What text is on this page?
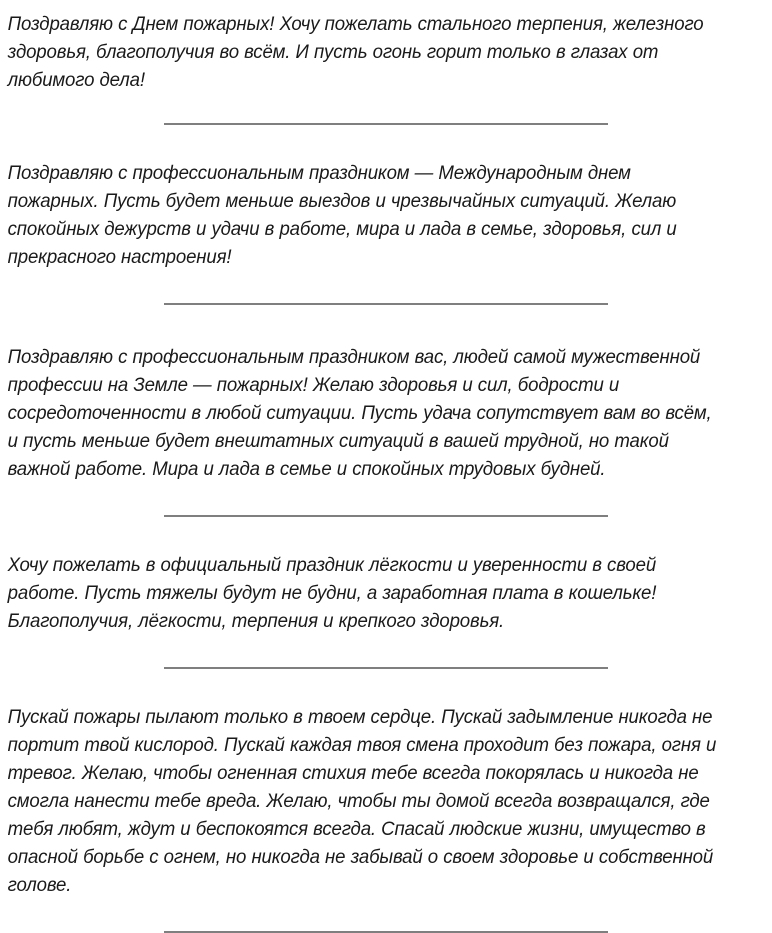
Поздравляю с Днем пожарных! Хочу пожелать стального терпения, железного здоровья, благополучия во всём. И пусть огонь горит только в глазах от любимого дела!

Поздравляю с профессиональным праздником — Международным днем пожарных. Пусть будет меньше выездов и чрезвычайных ситуаций. Желаю спокойных дежурств и удачи в работе, мира и лада в семье, здоровья, сил и прекрасного настроения!

Поздравляю с профессиональным праздником вас, людей самой мужественной профессии на Земле — пожарных! Желаю здоровья и сил, бодрости и сосредоточенности в любой ситуации. Пусть удача сопутствует вам во всём, и пусть меньше будет внештатных ситуаций в вашей трудной, но такой важной работе. Мира и лада в семье и спокойных трудовых будней.

Хочу пожелать в официальный праздник лёгкости и уверенности в своей работе. Пусть тяжелы будут не будни, а заработная плата в кошельке! Благополучия, лёгкости, терпения и крепкого здоровья.

Пускай пожары пылают только в твоем сердце. Пускай задымление никогда не портит твой кислород. Пускай каждая твоя смена проходит без пожара, огня и тревог. Желаю, чтобы огненная стихия тебе всегда покорялась и никогда не смогла нанести тебе вреда. Желаю, чтобы ты домой всегда возвращался, где тебя любят, ждут и беспокоятся всегда. Спасай людские жизни, имущество в опасной борьбе с огнем, но никогда не забывай о своем здоровье и собственной голове.
